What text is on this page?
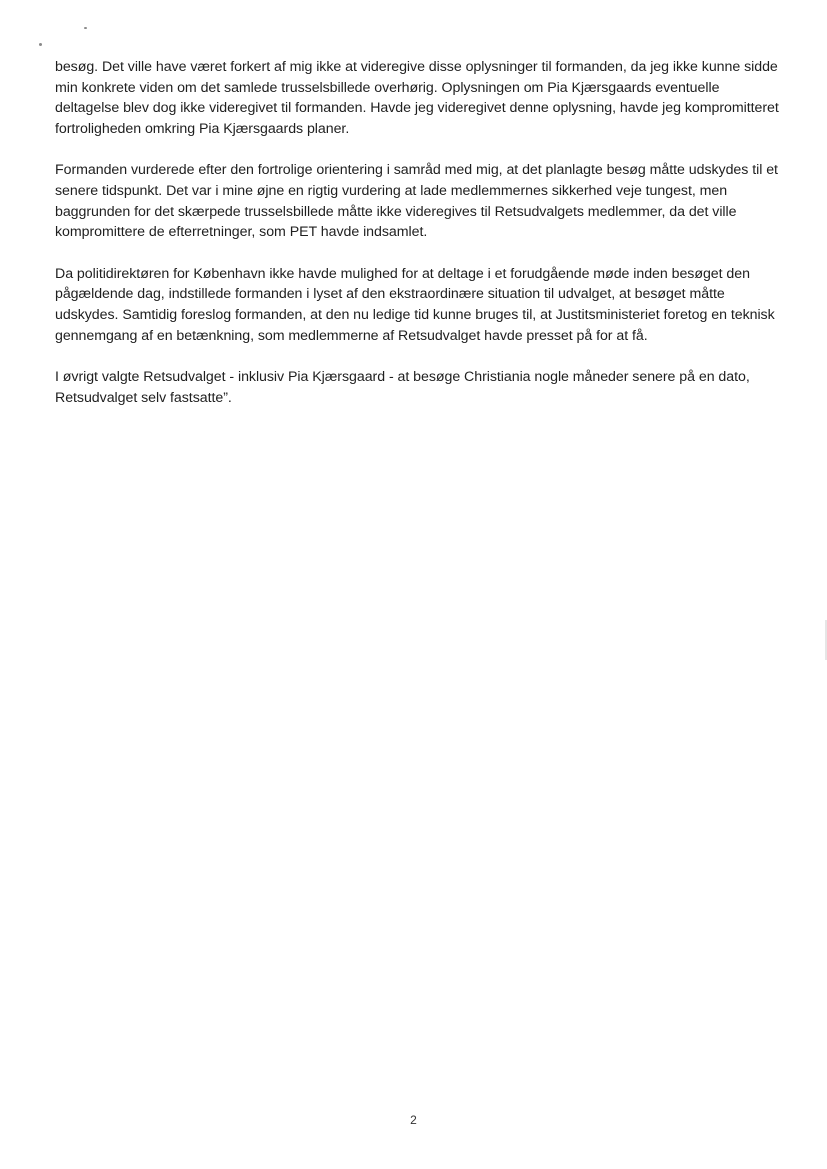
besøg. Det ville have været forkert af mig ikke at videregive disse oplysninger til formanden, da jeg ikke kunne sidde min konkrete viden om det samlede trusselsbillede overhørig. Oplysningen om Pia Kjærsgaards eventuelle deltagelse blev dog ikke videregivet til formanden. Havde jeg videregivet denne oplysning, havde jeg kompromitteret fortroligheden omkring Pia Kjærsgaards planer.

Formanden vurderede efter den fortrolige orientering i samråd med mig, at det planlagte besøg måtte udskydes til et senere tidspunkt. Det var i mine øjne en rigtig vurdering at lade medlemmernes sikkerhed veje tungest, men baggrunden for det skærpede trusselsbillede måtte ikke videregives til Retsudvalgets medlemmer, da det ville kompromittere de efterretninger, som PET havde indsamlet.

Da politidirektøren for København ikke havde mulighed for at deltage i et forudgående møde inden besøget den pågældende dag, indstillede formanden i lyset af den ekstraordinære situation til udvalget, at besøget måtte udskydes. Samtidig foreslog formanden, at den nu ledige tid kunne bruges til, at Justitsministeriet foretog en teknisk gennemgang af en betænkning, som medlemmerne af Retsudvalget havde presset på for at få.

I øvrigt valgte Retsudvalget - inklusiv Pia Kjærsgaard - at besøge Christiania nogle måneder senere på en dato, Retsudvalget selv fastsatte”.

2
